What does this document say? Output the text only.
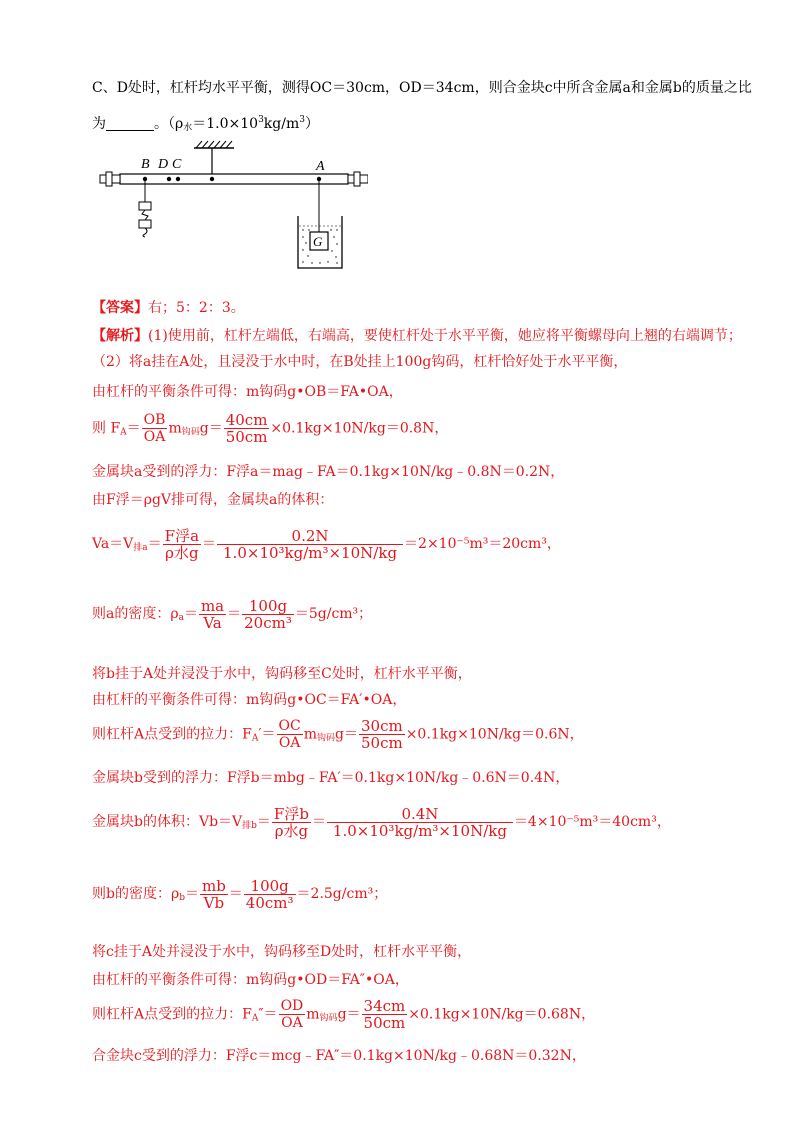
C、D处时，杠杆均水平平衡，测得OC＝30cm，OD＝34cm，则合金块c中所含金属a和金属b的质量之比
为	。$(\rho_水=1.0\times 10^3kg/m^3)$
B D C	A
G
【答案】右；5：2：3。
【解析】(1)使用前，杠杆左端低，右端高，要使杠杆处于水平平衡，她应将平衡螺母向上翘的右端调节；
（2）将a挂在A处，且浸没于水中时，在B处挂上100g钩码，杠杆恰好处于水平平衡，
由杠杆的平衡条件可得：m钩码g•OB＝FA•OA，
则 $F_A= \frac{OB}{OA} m_{钩码}g= \frac{40cm}{50cm} \times 0.1kg\times 10N/kg=0.8N$，
金属块a受到的浮力：F浮a＝mag﹣FA＝0.1kg×10N/kg﹣0.8N＝0.2N，
由F浮＝ρgV排可得，金属块a的体积：
$Va=V_{排a}= \frac{\text{F浮a}}{\text{ρ水g}} = \frac{0.2N}{\text{1.0×10³kg/m³×10N/kg}} =2\times 10^{-5}m^3=20cm^3$，
则a的密度：$\rho_a= \frac{ma}{Va} = \frac{100g}{\text{20cm³}} =5g/cm^3$；
将b挂于A处并浸没于水中，钩码移至C处时，杠杆水平平衡，
由杠杆的平衡条件可得：m钩码g•OC＝FA′•OA，
则杠杆A点受到的拉力：$F_A'= \frac{OC}{OA} m_{钩码}g= \frac{30cm}{50cm} \times 0.1kg\times 10N/kg=0.6N$，
金属块b受到的浮力：F浮b＝mbg﹣FA′＝0.1kg×10N/kg﹣0.6N＝0.4N，
金属块b的体积：$Vb=V_{排b}= \frac{\text{F浮b}}{\text{ρ水g}} = \frac{0.4N}{\text{1.0×10³kg/m³×10N/kg}} =4\times 10^{-5}m^3=40cm^3$，
则b的密度：$\rho_b= \frac{mb}{Vb} = \frac{100g}{\text{40cm³}} =2.5g/cm^3$；
将c挂于A处并浸没于水中，钩码移至D处时，杠杆水平平衡，
由杠杆的平衡条件可得：m钩码g•OD＝FA″•OA，
则杠杆A点受到的拉力：$F_A''= \frac{OD}{OA} m_{钩码}g= \frac{34cm}{50cm} \times 0.1kg\times 10N/kg=0.68N$，
合金块c受到的浮力：F浮c＝mcg﹣FA″＝0.1kg×10N/kg﹣0.68N＝0.32N，
